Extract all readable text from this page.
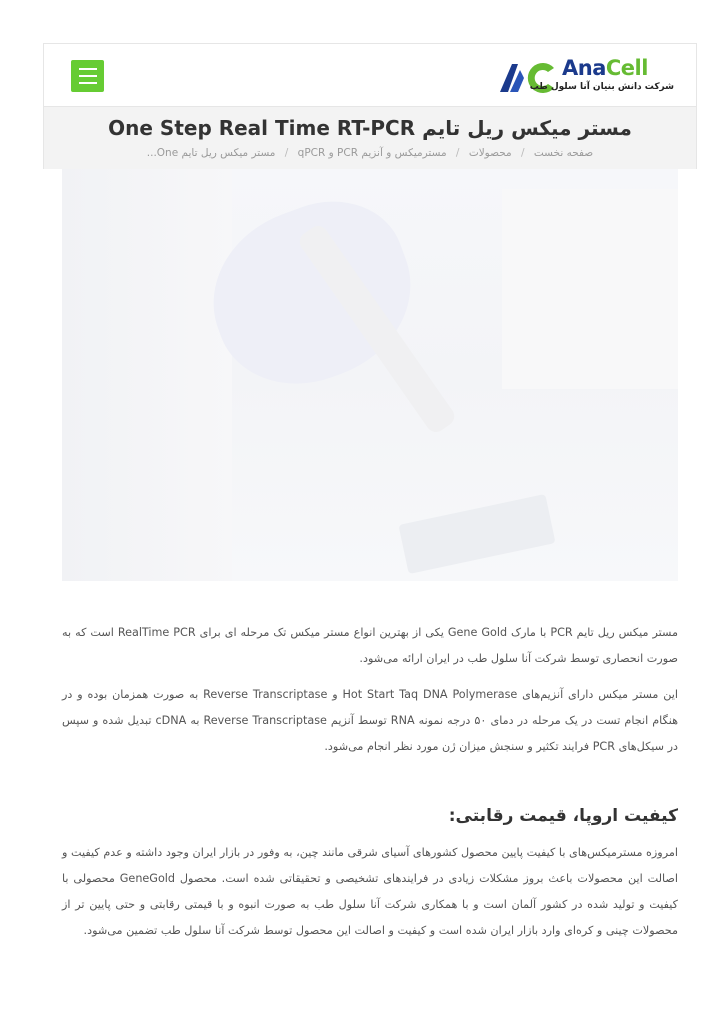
AnaCell
شرکت دانش بنیان آنا سلول طب
مستر میکس ریل تایم One Step Real Time RT-PCR
صفحه نخست / محصولات / مسترمیکس و آنزیم PCR و qPCR / مستر میکس ریل تایم One...

مستر میکس ریل تایم PCR با مارک Gene Gold یکی از بهترین انواع مستر میکس تک مرحله ای برای RealTime PCR است که به صورت انحصاری توسط شرکت آنا سلول طب در ایران ارائه می‌شود.

این مستر میکس دارای آنزیم‌های Hot Start Taq DNA Polymerase و Reverse Transcriptase به صورت همزمان بوده و در هنگام انجام تست در یک مرحله در دمای ۵۰ درجه نمونه RNA توسط آنزیم Reverse Transcriptase به cDNA تبدیل شده و سپس در سیکل‌های PCR فرایند تکثیر و سنجش میزان ژن مورد نظر انجام می‌شود.

کیفیت اروپا، قیمت رقابتی:

امروزه مسترمیکس‌های با کیفیت پایین محصول کشورهای آسیای شرقی مانند چین، به وفور در بازار ایران وجود داشته و عدم کیفیت و اصالت این محصولات باعث بروز مشکلات زیادی در فرایندهای تشخیصی و تحقیقاتی شده است. محصول GeneGold محصولی با کیفیت و تولید شده در کشور آلمان است و با همکاری شرکت آنا سلول طب به صورت انبوه و با قیمتی رقابتی و حتی پایین تر از محصولات چینی و کره‌ای وارد بازار ایران شده است و کیفیت و اصالت این محصول توسط شرکت آنا سلول طب تضمین می‌شود.
